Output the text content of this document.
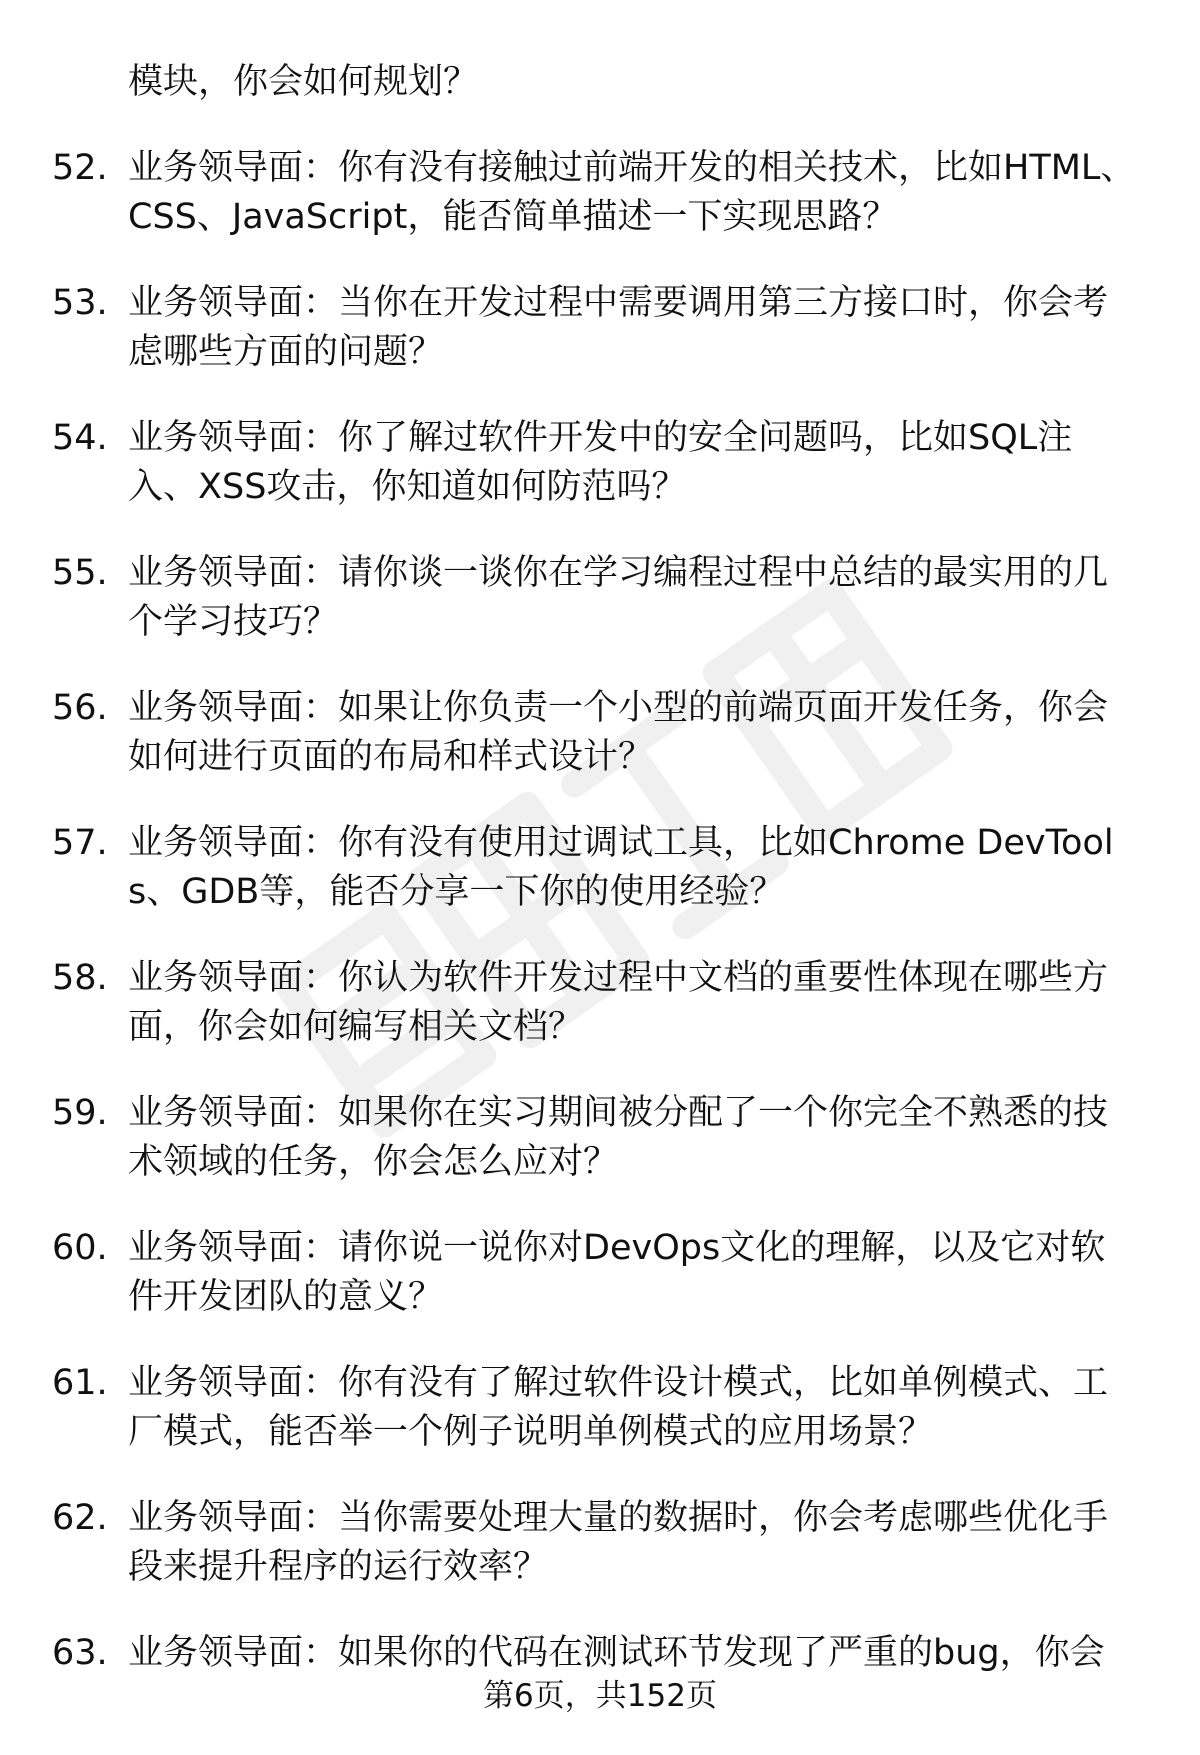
模块，你会如何规划？
52. 业务领导面：你有没有接触过前端开发的相关技术，比如HTML、CSS、JavaScript，能否简单描述一下实现思路？
53. 业务领导面：当你在开发过程中需要调用第三方接口时，你会考虑哪些方面的问题？
54. 业务领导面：你了解过软件开发中的安全问题吗，比如SQL注入、XSS攻击，你知道如何防范吗？
55. 业务领导面：请你谈一谈你在学习编程过程中总结的最实用的几个学习技巧？
56. 业务领导面：如果让你负责一个小型的前端页面开发任务，你会如何进行页面的布局和样式设计？
57. 业务领导面：你有没有使用过调试工具，比如Chrome DevTools、GDB等，能否分享一下你的使用经验？
58. 业务领导面：你认为软件开发过程中文档的重要性体现在哪些方面，你会如何编写相关文档？
59. 业务领导面：如果你在实习期间被分配了一个你完全不熟悉的技术领域的任务，你会怎么应对？
60. 业务领导面：请你说一说你对DevOps文化的理解，以及它对软件开发团队的意义？
61. 业务领导面：你有没有了解过软件设计模式，比如单例模式、工厂模式，能否举一个例子说明单例模式的应用场景？
62. 业务领导面：当你需要处理大量的数据时，你会考虑哪些优化手段来提升程序的运行效率？
63. 业务领导面：如果你的代码在测试环节发现了严重的bug，你会
第6页，共152页
